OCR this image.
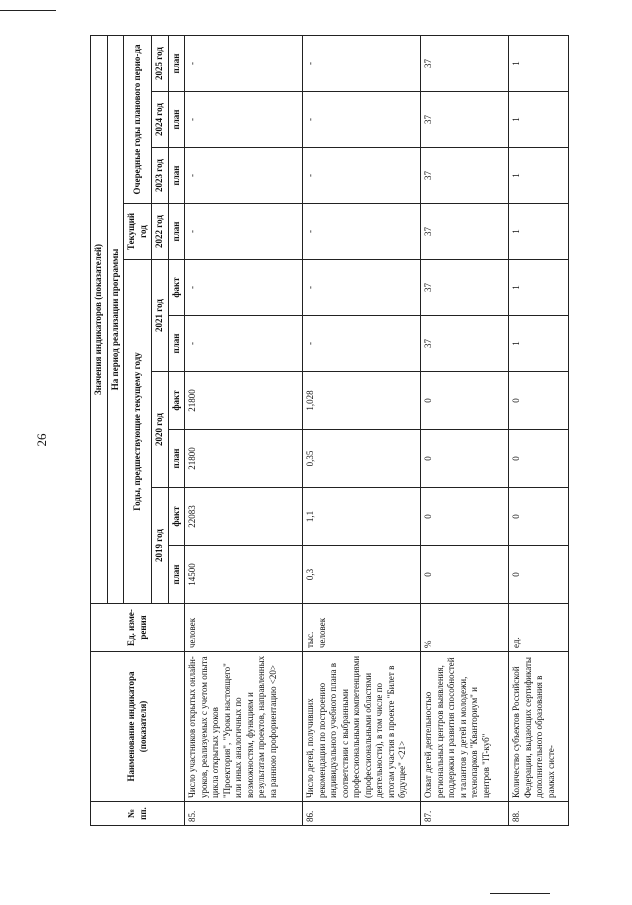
26
№ пп.	Наименование индикатора (показателя)	Ед. изме-рения	Значения индикаторов (показателей)									
			На период реализации программы									
			Годы, предшествующие текущему году						Текущий год	Очередные годы планового перио-да		
			2019 год		2020 год		2021 год		2022 год	2023 год	2024 год	2025 год
			план	факт	план	факт	план	факт	план	план	план	план
85.	Число участников открытых онлайн-уроков, реализуемых с учетом опыта цикла открытых уроков "Проектория", "Уроки настоящего" или иных аналогичных по возможностям, функциям и результатам проектов, направленных на раннюю профориентацию <20>	человек	14500	22083	21800	21800	-	-	-	-	-	-
86.	Число детей, получивших рекомендации по построению индивидуального учебного плана в соответствии с выбранными профессиональными компетенциями (профессиональными областями деятельности), в том числе по итогам участия в проекте "Билет в будущее" <21>	тыс. человек	0,3	1,1	0,35	1,028	-	-	-	-	-	-
87.	Охват детей деятельностью региональных центров выявления, поддержки и развития способностей и талантов у детей и молодежи, технопарков "Кванториум" и центров "IT-куб"	%	0	0	0	0	37	37	37	37	37	37
88.	Количество субъектов Российской Федерации, выдающих сертификаты дополнительного образования в рамках систе-	ед.	0	0	0	0	1	1	1	1	1	1
